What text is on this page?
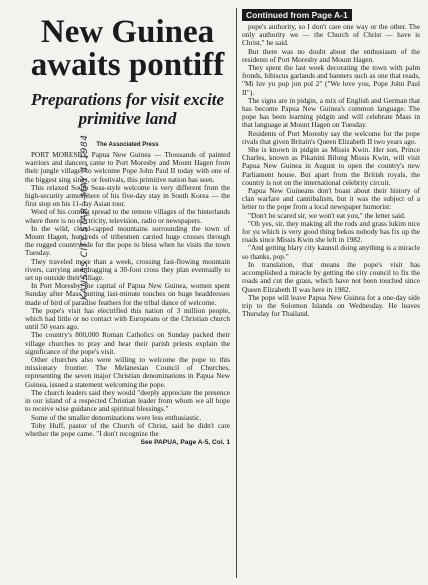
KANSAS CITY STAR - MAY 4, 1984
New Guinea awaits pontiff
Preparations for visit excite primitive land
The Associated Press

PORT MORESBY, Papua New Guinea — Thousands of painted warriors and dancers came to Port Moresby and Mount Hagen from their jungle villages to welcome Pope John Paul II today with one of the biggest sing sings, or festivals, this primitive nation has seen.

This relaxed South Seas-style welcome is very different from the high-security atmosphere of his five-day stay in South Korea — the first stop on his 11-day Asian tour.

Word of his coming spread to the remote villages of the hinterlands where there is no electricity, television, radio or newspapers.

In the wild, cloud-capped mountains surrounding the town of Mount Hagen, hundreds of tribesmen carried huge crosses through the rugged countryside for the pope to bless when he visits the town Tuesday.

They traveled more than a week, crossing fast-flowing mountain rivers, carrying and dragging a 30-foot cross they plan eventually to set up outside their village.

In Port Moresby, the capital of Papua New Guinea, women spent Sunday after Mass putting last-minute touches on huge headdresses made of bird of paradise feathers for the tribal dance of welcome.

The pope's visit has electrified this nation of 3 million people, which had little or no contact with Europeans or the Christian church until 50 years ago.

The country's 800,000 Roman Catholics on Sunday packed their village churches to pray and hear their parish priests explain the significance of the pope's visit.

Other churches also were willing to welcome the pope to this missionary frontier. The Melanesian Council of Churches, representing the seven major Christian denominations in Papua New Guinea, issued a statement welcoming the pope.

The church leaders said they would "deeply appreciate the presence in our island of a respected Christian leader from whom we all hope to receive wise guidance and spiritual blessings."

Some of the smaller denominations were less enthusiastic.

Toby Huff, pastor of the Church of Christ, said he didn't care whether the pope came. "I don't recognize the

See PAPUA, Page A-5, Col. 1
Continued from Page A-1

pope's authority, so I don't care one way or the other. The only authority we — the Church of Christ — have is Christ," he said.

But there was no doubt about the enthusiasm of the residents of Port Moresby and Mount Hagen.

They spent the last week decorating the town with palm fronds, hibiscus garlands and banners such as one that reads, "Mi luv yu pop jon pol 2" ("We love you, Pope John Paul II").

The signs are in pidgin, a mix of English and German that has become Papua New Guinea's common language. The pope has been learning pidgin and will celebrate Mass in that language at Mount Hagen on Tuesday.

Residents of Port Moresby say the welcome for the pope rivals that given Britain's Queen Elizabeth II two years ago.

She is known in pidgin as Missis Kwin. Her son, Prince Charles, known as Pikanini Bilong Missis Kwin, will visit Papua New Guinea in August to open the country's new Parliament house. But apart from the British royals, the country is not on the international celebrity circuit.

Papua New Guineans don't boast about their history of clan warfare and cannibalism, but it was the subject of a letter to the pope from a local newspaper humorist:

"Don't be scared sir, we won't eat you," the letter said.

"Oh yes, sir, they making all the rods and grass lukim nice for yu which is very good thing bekos nobody has fix up the roads since Missis Kwin she left in 1982.

"And getting blary city kaunsil doing anything is a miracle so thanks, pop."

In translation, that means the pope's visit has accomplished a miracle by getting the city council to fix the roads and cut the grass, which have not been touched since Queen Elizabeth II was here in 1982.

The pope will leave Papua New Guinea for a one-day side trip to the Solomon Islands on Wednesday. He leaves Thursday for Thailand.
